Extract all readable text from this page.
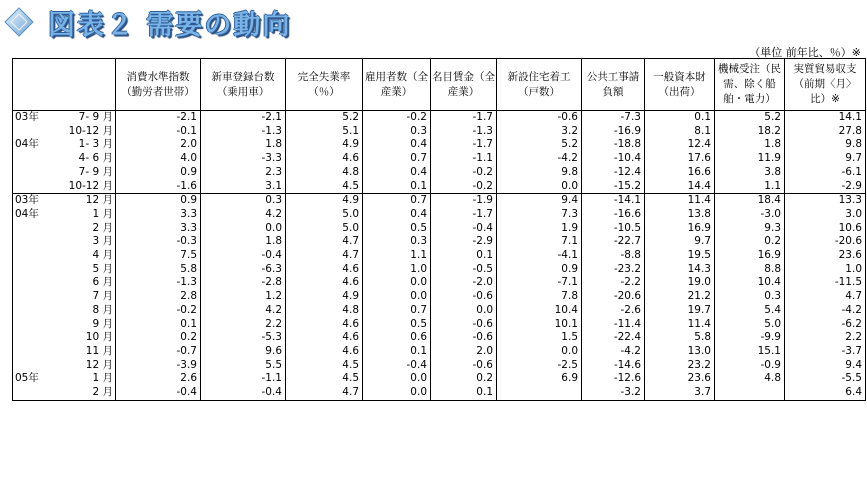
図表２ 需要の動向
（単位 前年比、％）※
	消費水準指数（勤労者世帯）	新車登録台数（乗用車）	完全失業率（％）	雇用者数（全産業）	名目賃金（全産業）	新設住宅着工（戸数）	公共工事請負額	一般資本財（出荷）	機械受注（民需、除く船舶・電力）	実質貿易収支（前期〈月〉比）※
03年 7- 9 月	-2.1	-2.1	5.2	-0.2	-1.7	-0.6	-7.3	0.1	5.2	14.1
10-12 月	-0.1	-1.3	5.1	0.3	-1.3	3.2	-16.9	8.1	18.2	27.8
04年 1- 3 月	2.0	1.8	4.9	0.4	-1.7	5.2	-18.8	12.4	1.8	9.8
4- 6 月	4.0	-3.3	4.6	0.7	-1.1	-4.2	-10.4	17.6	11.9	9.7
7- 9 月	0.9	2.3	4.8	0.4	-0.2	9.8	-12.4	16.6	3.8	-6.1
10-12 月	-1.6	3.1	4.5	0.1	-0.2	0.0	-15.2	14.4	1.1	-2.9
03年 12 月	0.9	0.3	4.9	0.7	-1.9	9.4	-14.1	11.4	18.4	13.3
04年 1 月	3.3	4.2	5.0	0.4	-1.7	7.3	-16.6	13.8	-3.0	3.0
2 月	3.3	0.0	5.0	0.5	-0.4	1.9	-10.5	16.9	9.3	10.6
3 月	-0.3	1.8	4.7	0.3	-2.9	7.1	-22.7	9.7	0.2	-20.6
4 月	7.5	-0.4	4.7	1.1	0.1	-4.1	-8.8	19.5	16.9	23.6
5 月	5.8	-6.3	4.6	1.0	-0.5	0.9	-23.2	14.3	8.8	1.0
6 月	-1.3	-2.8	4.6	0.0	-2.0	-7.1	-2.2	19.0	10.4	-11.5
7 月	2.8	1.2	4.9	0.0	-0.6	7.8	-20.6	21.2	0.3	4.7
8 月	-0.2	4.2	4.8	0.7	0.0	10.4	-2.6	19.7	5.4	-4.2
9 月	0.1	2.2	4.6	0.5	-0.6	10.1	-11.4	11.4	5.0	-6.2
10 月	0.2	-5.3	4.6	0.6	-0.6	1.5	-22.4	5.8	-9.9	2.2
11 月	-0.7	9.6	4.6	0.1	2.0	0.0	-4.2	13.0	15.1	-3.7
12 月	-3.9	5.5	4.5	-0.4	-0.6	-2.5	-14.6	23.2	-0.9	9.4
05年 1 月	2.6	-1.1	4.5	0.0	0.2	6.9	-12.6	23.6	4.8	-5.5
2 月	-0.4	-0.4	4.7	0.0	0.1		-3.2	3.7		6.4
